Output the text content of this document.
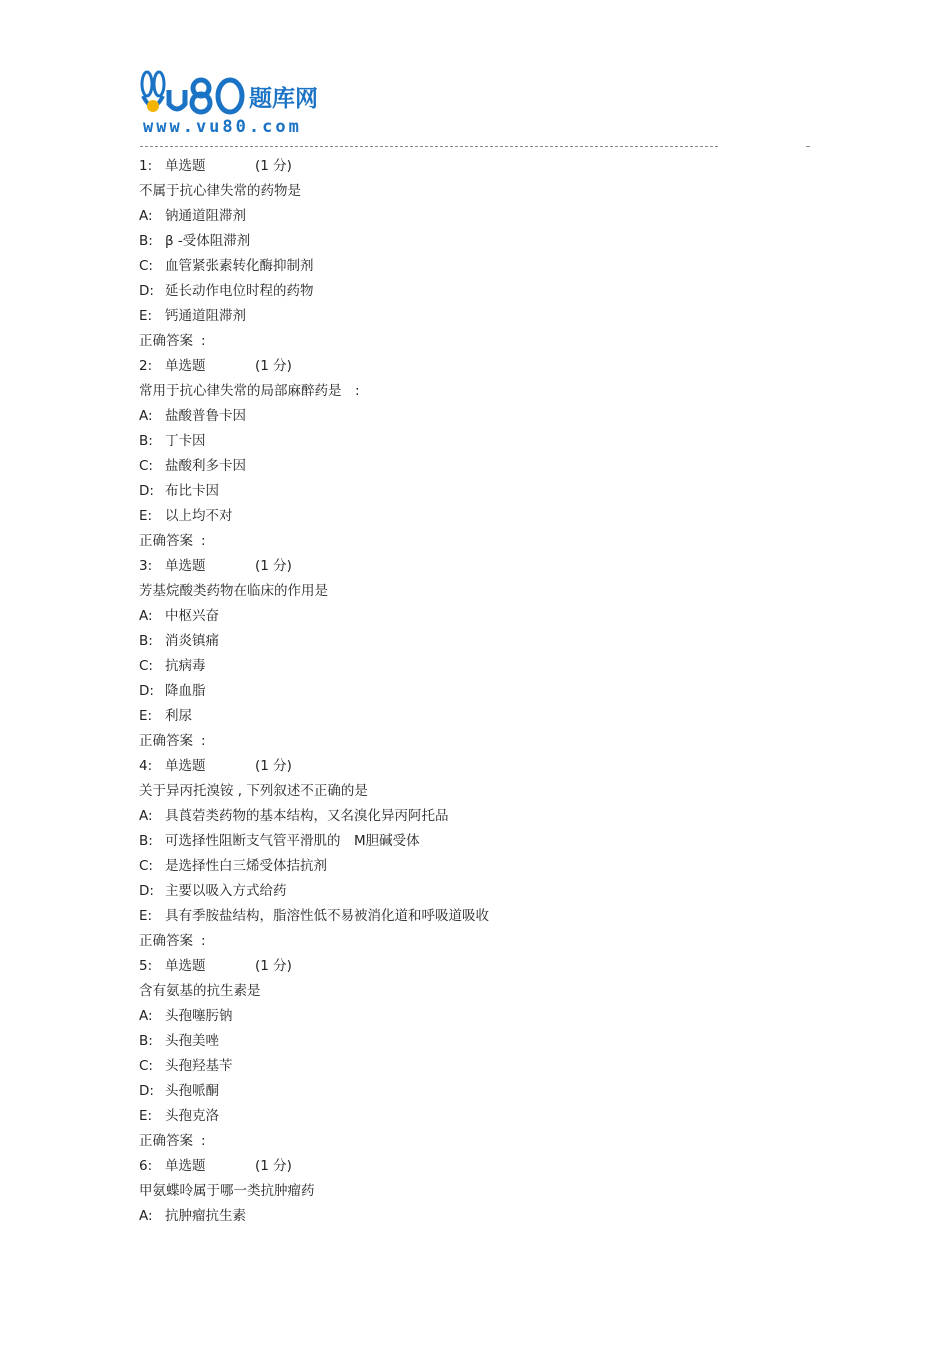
题库网
www.vu80.com
1: 单选题	(1 分)
不属于抗心律失常的药物是
A: 钠通道阻滞剂
B: β -受体阻滞剂
C: 血管紧张素转化酶抑制剂
D: 延长动作电位时程的药物
E: 钙通道阻滞剂
正确答案 :
2: 单选题	(1 分)
常用于抗心律失常的局部麻醉药是　:
A: 盐酸普鲁卡因
B: 丁卡因
C: 盐酸利多卡因
D: 布比卡因
E: 以上均不对
正确答案 :
3: 单选题	(1 分)
芳基烷酸类药物在临床的作用是
A: 中枢兴奋
B: 消炎镇痛
C: 抗病毒
D: 降血脂
E: 利尿
正确答案 :
4: 单选题	(1 分)
关于异丙托溴铵 , 下列叙述不正确的是
A: 具莨菪类药物的基本结构，又名溴化异丙阿托品
B: 可选择性阻断支气管平滑肌的　M胆碱受体
C: 是选择性白三烯受体拮抗剂
D: 主要以吸入方式给药
E: 具有季胺盐结构，脂溶性低不易被消化道和呼吸道吸收
正确答案 :
5: 单选题	(1 分)
含有氨基的抗生素是
A: 头孢噻肟钠
B: 头孢美唑
C: 头孢羟基苄
D: 头孢哌酮
E: 头孢克洛
正确答案 :
6: 单选题	(1 分)
甲氨蝶呤属于哪一类抗肿瘤药
A: 抗肿瘤抗生素
